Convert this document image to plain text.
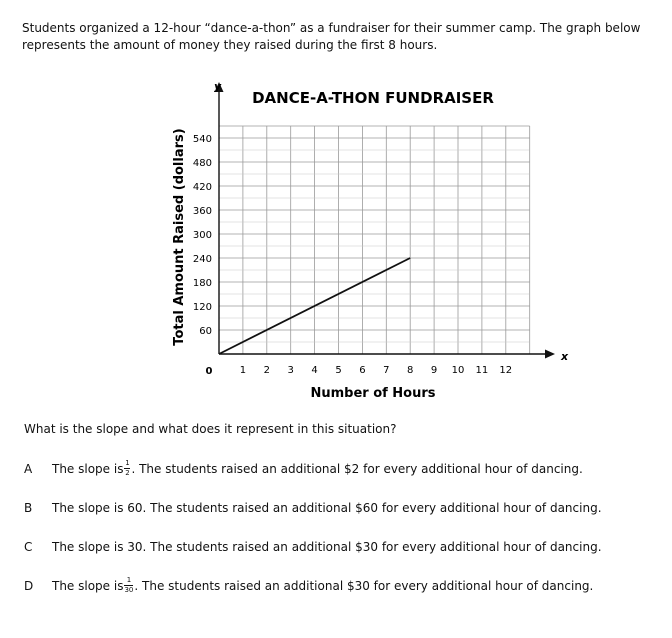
Students organized a 12-hour “dance-a-thon” as a fundraiser for their summer camp. The graph below represents the amount of money they raised during the first 8 hours.
1 2 3 4 5 6 7 8 9 10 11 12
60
120
180
240
300
360
420
480
540
DANCE-A-THON FUNDRAISER
Number of Hours
Total Amount Raised (dollars)
x
y
0
What is the slope and what does it represent in this situation?
A	The slope is $\frac{1}{2}$ . The students raised an additional $2 for every additional hour of dancing.
B	The slope is 60. The students raised an additional $60 for every additional hour of dancing.
C	The slope is 30. The students raised an additional $30 for every additional hour of dancing.
D	The slope is $\frac{1}{30}$ . The students raised an additional $30 for every additional hour of dancing.
